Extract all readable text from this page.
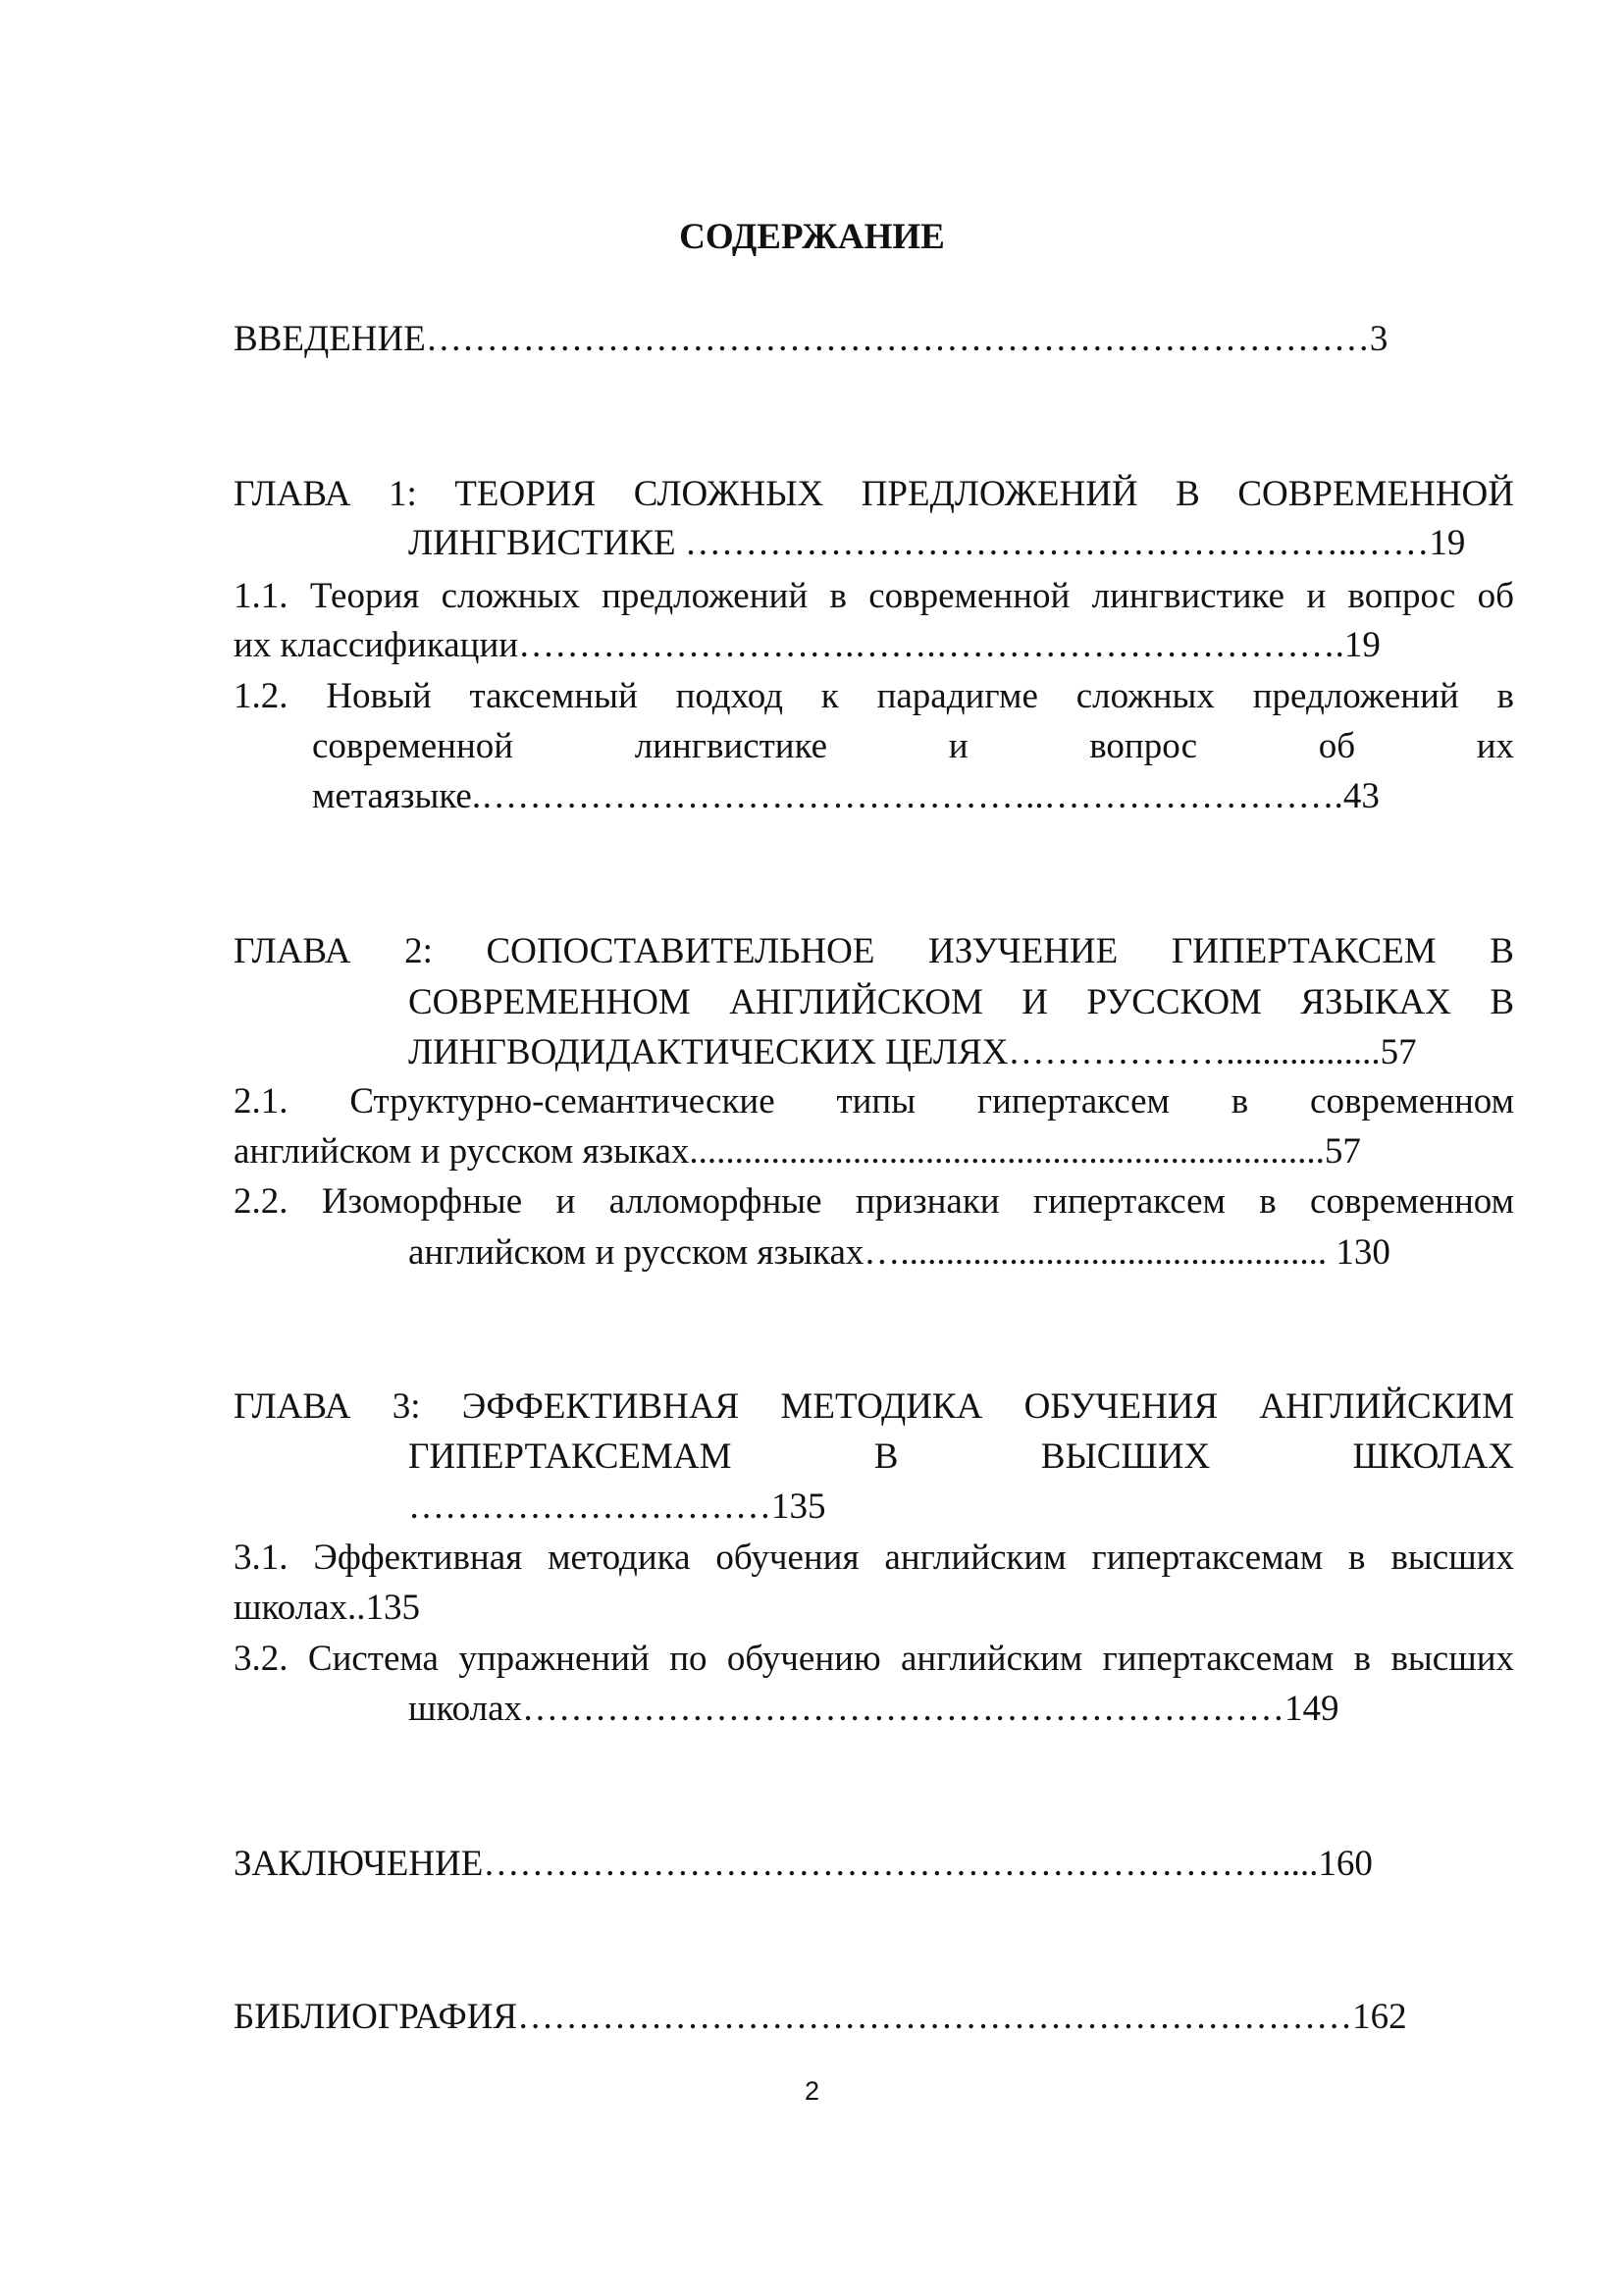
СОДЕРЖАНИЕ
ВВЕДЕНИЕ……………………………………………………………………3
ГЛАВА 1: ТЕОРИЯ СЛОЖНЫХ ПРЕДЛОЖЕНИЙ В СОВРЕМЕННОЙ
ЛИНГВИСТИКЕ ………………………………………………..……19
1.1. Теория сложных предложений в современной лингвистике и вопрос об
их классификации……………………….…….…………………………….19
1.2. Новый таксемный подход к парадигме сложных предложений в
современной лингвистике и вопрос об их
метаязыке.………………………………………..…………………….43
ГЛАВА 2: СОПОСТАВИТЕЛЬНОЕ ИЗУЧЕНИЕ ГИПЕРТАКСЕМ В
СОВРЕМЕННОМ АНГЛИЙСКОМ И РУССКОМ ЯЗЫКАХ В
ЛИНГВОДИДАКТИЧЕСКИХ ЦЕЛЯХ……………….................57
2.1. Структурно-семантические типы гипертаксем в современном
английском и русском языках......................................................................57
2.2. Изоморфные и алломорфные признаки гипертаксем в современном
английском и русском языках…............................................... 130
ГЛАВА 3: ЭФФЕКТИВНАЯ МЕТОДИКА ОБУЧЕНИЯ АНГЛИЙСКИМ
ГИПЕРТАКСЕМАМ В ВЫСШИХ ШКОЛАХ
…………………………135
3.1. Эффективная методика обучения английским гипертаксемам в высших
школах..135
3.2. Система упражнений по обучению английским гипертаксемам в высших
школах………………………………………………………149
ЗАКЛЮЧЕНИЕ…………………………………………………………....160
БИБЛИОГРАФИЯ……………………………………………………………162
2
